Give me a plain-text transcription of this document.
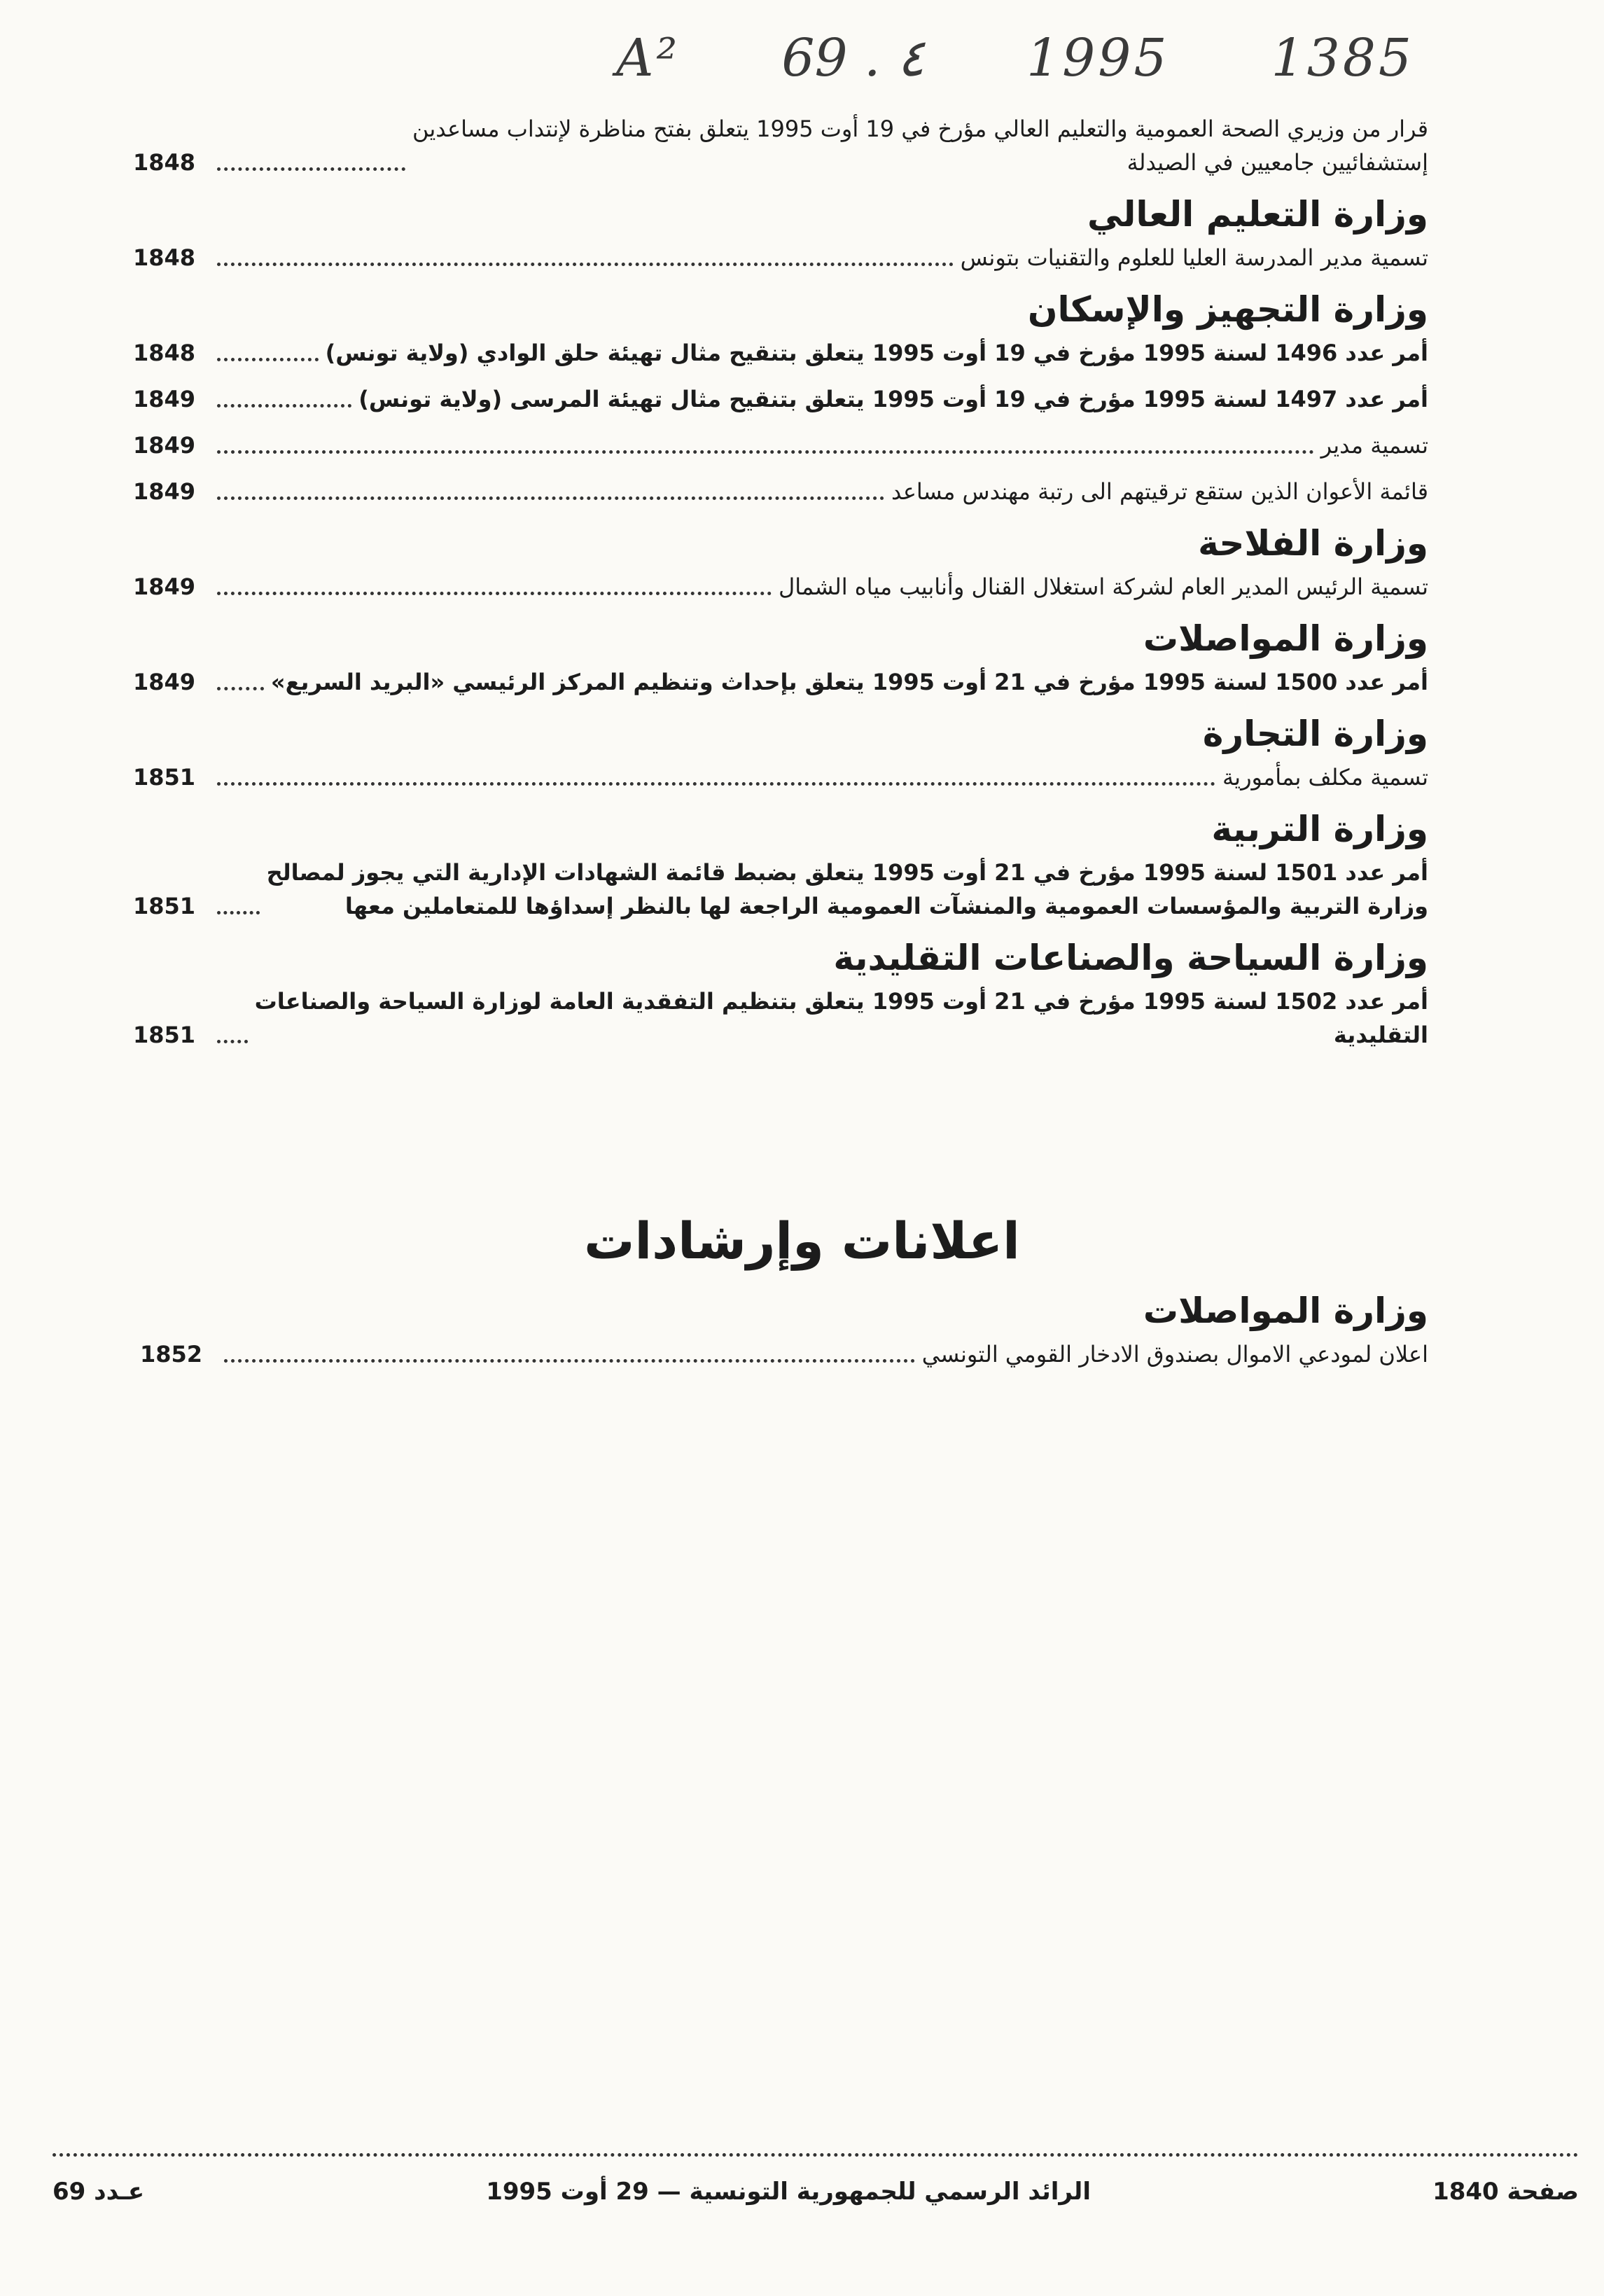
A² 69 . ٤ 1995 1385
قرار من وزيري الصحة العمومية والتعليم العالي مؤرخ في 19 أوت 1995 يتعلق بفتح مناظرة لإنتداب مساعدين
إستشفائيين جامعيين في الصيدلة
1848
وزارة التعليم العالي
تسمية مدير المدرسة العليا للعلوم والتقنيات بتونس
1848
وزارة التجهيز والإسكان
أمر عدد 1496 لسنة 1995 مؤرخ في 19 أوت 1995 يتعلق بتنقيح مثال تهيئة حلق الوادي (ولاية تونس)
1848
أمر عدد 1497 لسنة 1995 مؤرخ في 19 أوت 1995 يتعلق بتنقيح مثال تهيئة المرسى (ولاية تونس)
1849
تسمية مدير
1849
قائمة الأعوان الذين ستقع ترقيتهم الى رتبة مهندس مساعد
1849
وزارة الفلاحة
تسمية الرئيس المدير العام لشركة استغلال القنال وأنابيب مياه الشمال
1849
وزارة المواصلات
أمر عدد 1500 لسنة 1995 مؤرخ في 21 أوت 1995 يتعلق بإحداث وتنظيم المركز الرئيسي «البريد السريع»
1849
وزارة التجارة
تسمية مكلف بمأمورية
1851
وزارة التربية
أمر عدد 1501 لسنة 1995 مؤرخ في 21 أوت 1995 يتعلق بضبط قائمة الشهادات الإدارية التي يجوز لمصالح
وزارة التربية والمؤسسات العمومية والمنشآت العمومية الراجعة لها بالنظر إسداؤها للمتعاملين معها
1851
وزارة السياحة والصناعات التقليدية
أمر عدد 1502 لسنة 1995 مؤرخ في 21 أوت 1995 يتعلق بتنظيم التفقدية العامة لوزارة السياحة والصناعات
التقليدية
1851
اعلانات وإرشادات
وزارة المواصلات
اعلان لمودعي الاموال بصندوق الادخار القومي التونسي
1852
صفحة 1840
الرائد الرسمي للجمهورية التونسية — 29 أوت 1995
عـدد 69
